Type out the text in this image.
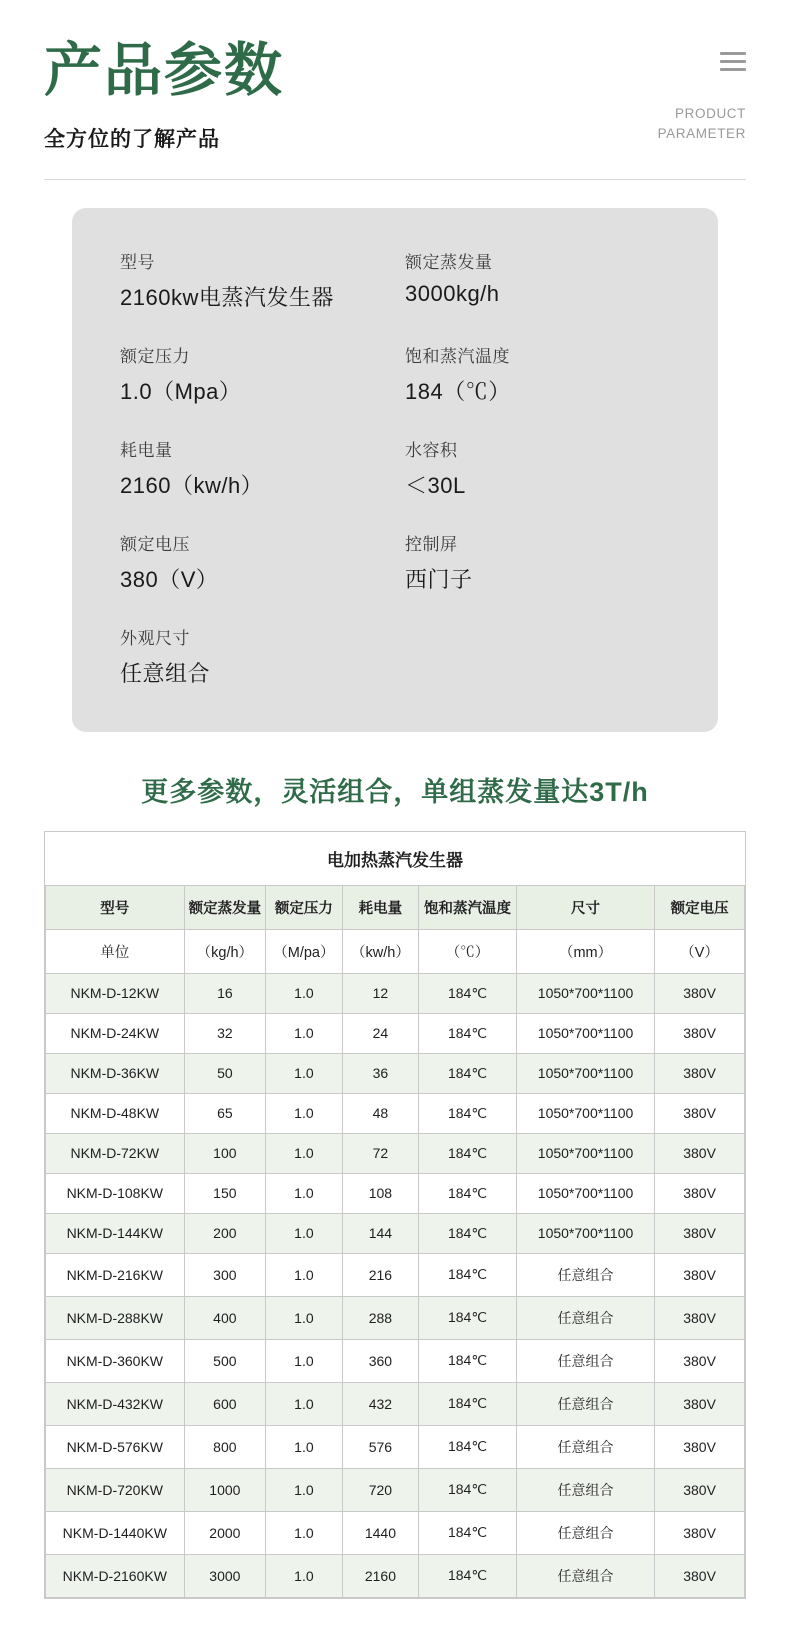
产品参数
全方位的了解产品
PRODUCT
PARAMETER
型号
2160kw电蒸汽发生器
额定蒸发量
3000kg/h
额定压力
1.0（Mpa）
饱和蒸汽温度
184（℃）
耗电量
2160（kw/h）
水容积
＜30L
额定电压
380（V）
控制屏
西门子
外观尺寸
任意组合
更多参数，灵活组合，单组蒸发量达3T/h
电加热蒸汽发生器						
型号	额定蒸发量	额定压力	耗电量	饱和蒸汽温度	尺寸	额定电压
单位	（kg/h）	（M/pa）	（kw/h）	（℃）	（mm）	（V）
NKM-D-12KW	16	1.0	12	184℃	1050*700*1100	380V
NKM-D-24KW	32	1.0	24	184℃	1050*700*1100	380V
NKM-D-36KW	50	1.0	36	184℃	1050*700*1100	380V
NKM-D-48KW	65	1.0	48	184℃	1050*700*1100	380V
NKM-D-72KW	100	1.0	72	184℃	1050*700*1100	380V
NKM-D-108KW	150	1.0	108	184℃	1050*700*1100	380V
NKM-D-144KW	200	1.0	144	184℃	1050*700*1100	380V
NKM-D-216KW	300	1.0	216	184℃	任意组合	380V
NKM-D-288KW	400	1.0	288	184℃	任意组合	380V
NKM-D-360KW	500	1.0	360	184℃	任意组合	380V
NKM-D-432KW	600	1.0	432	184℃	任意组合	380V
NKM-D-576KW	800	1.0	576	184℃	任意组合	380V
NKM-D-720KW	1000	1.0	720	184℃	任意组合	380V
NKM-D-1440KW	2000	1.0	1440	184℃	任意组合	380V
NKM-D-2160KW	3000	1.0	2160	184℃	任意组合	380V
